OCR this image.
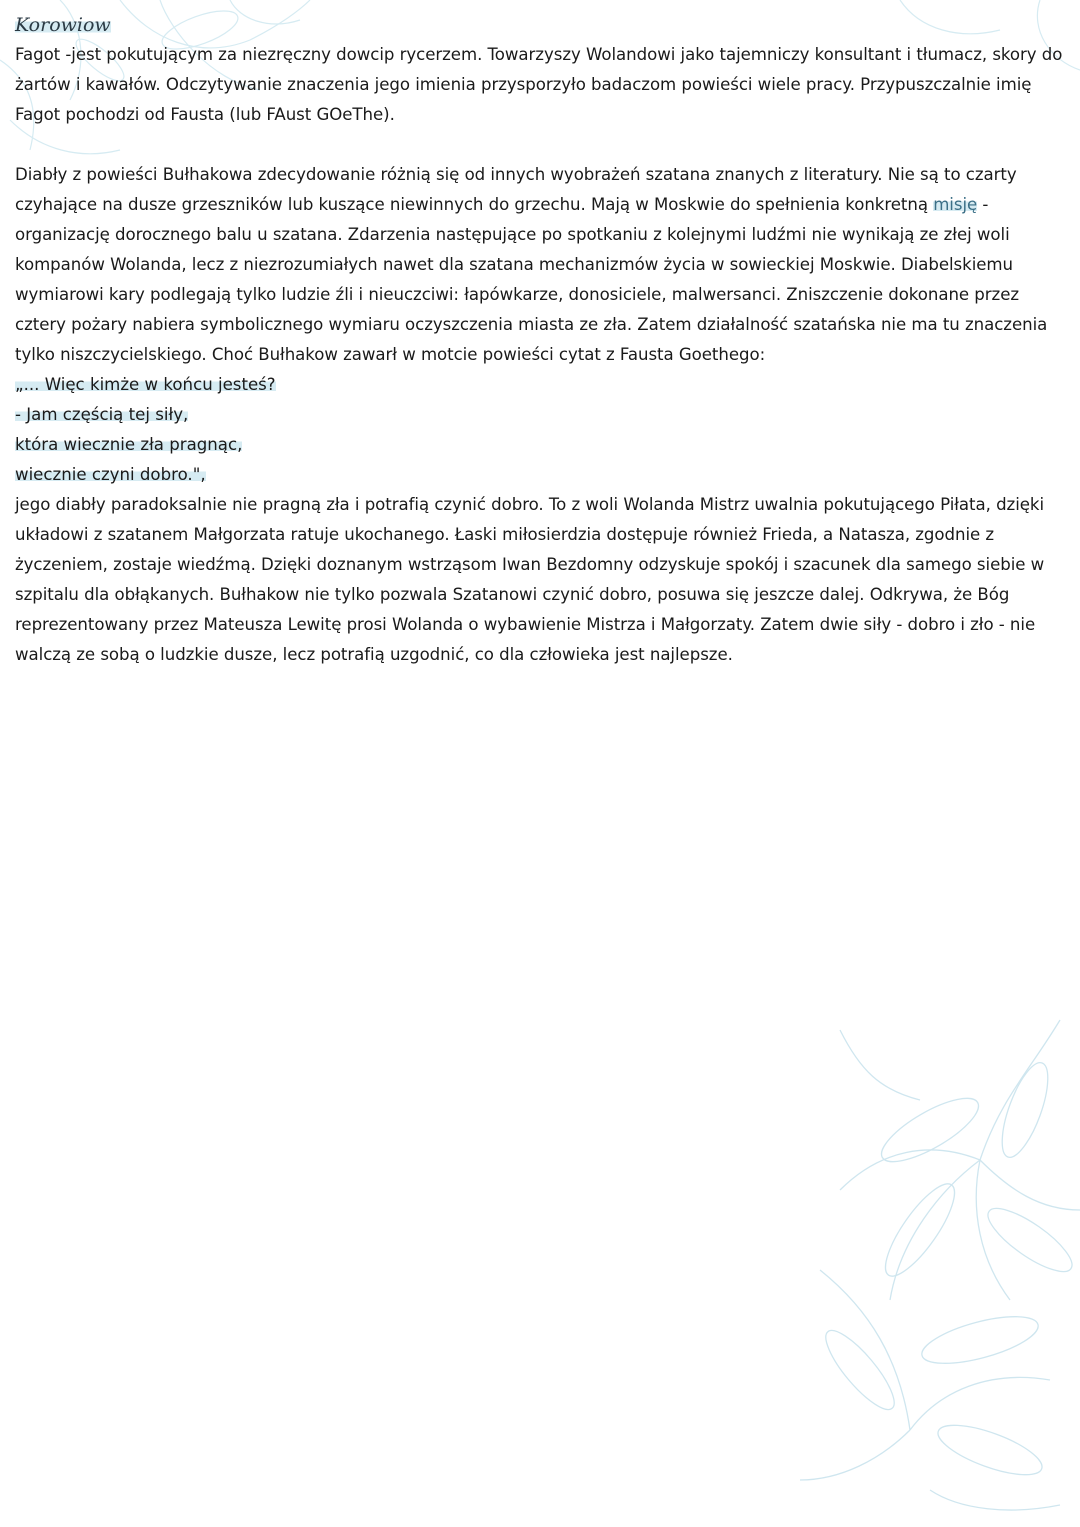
Korowiow

Fagot -jest pokutującym za niezręczny dowcip rycerzem. Towarzyszy Wolandowi jako tajemniczy konsultant i tłumacz, skory do żartów i kawałów. Odczytywanie znaczenia jego imienia przysporzyło badaczom powieści wiele pracy. Przypuszczalnie imię Fagot pochodzi od Fausta (lub FAust GOeThe).

Diabły z powieści Bułhakowa zdecydowanie różnią się od innych wyobrażeń szatana znanych z literatury. Nie są to czarty czyhające na dusze grzeszników lub kuszące niewinnych do grzechu. Mają w Moskwie do spełnienia konkretną misję - organizację dorocznego balu u szatana. Zdarzenia następujące po spotkaniu z kolejnymi ludźmi nie wynikają ze złej woli kompanów Wolanda, lecz z niezrozumiałych nawet dla szatana mechanizmów życia w sowieckiej Moskwie. Diabelskiemu wymiarowi kary podlegają tylko ludzie źli i nieuczciwi: łapówkarze, donosiciele, malwersanci. Zniszczenie dokonane przez cztery pożary nabiera symbolicznego wymiaru oczyszczenia miasta ze zła. Zatem działalność szatańska nie ma tu znaczenia tylko niszczycielskiego. Choć Bułhakow zawarł w motcie powieści cytat z Fausta Goethego:

„... Więc kimże w końcu jesteś?

- Jam częścią tej siły,

która wiecznie zła pragnąc,

wiecznie czyni dobro.",

jego diabły paradoksalnie nie pragną zła i potrafią czynić dobro. To z woli Wolanda Mistrz uwalnia pokutującego Piłata, dzięki układowi z szatanem Małgorzata ratuje ukochanego. Łaski miłosierdzia dostępuje również Frieda, a Natasza, zgodnie z życzeniem, zostaje wiedźmą. Dzięki doznanym wstrząsom Iwan Bezdomny odzyskuje spokój i szacunek dla samego siebie w szpitalu dla obłąkanych. Bułhakow nie tylko pozwala Szatanowi czynić dobro, posuwa się jeszcze dalej. Odkrywa, że Bóg reprezentowany przez Mateusza Lewitę prosi Wolanda o wybawienie Mistrza i Małgorzaty. Zatem dwie siły - dobro i zło - nie walczą ze sobą o ludzkie dusze, lecz potrafią uzgodnić, co dla człowieka jest najlepsze.
